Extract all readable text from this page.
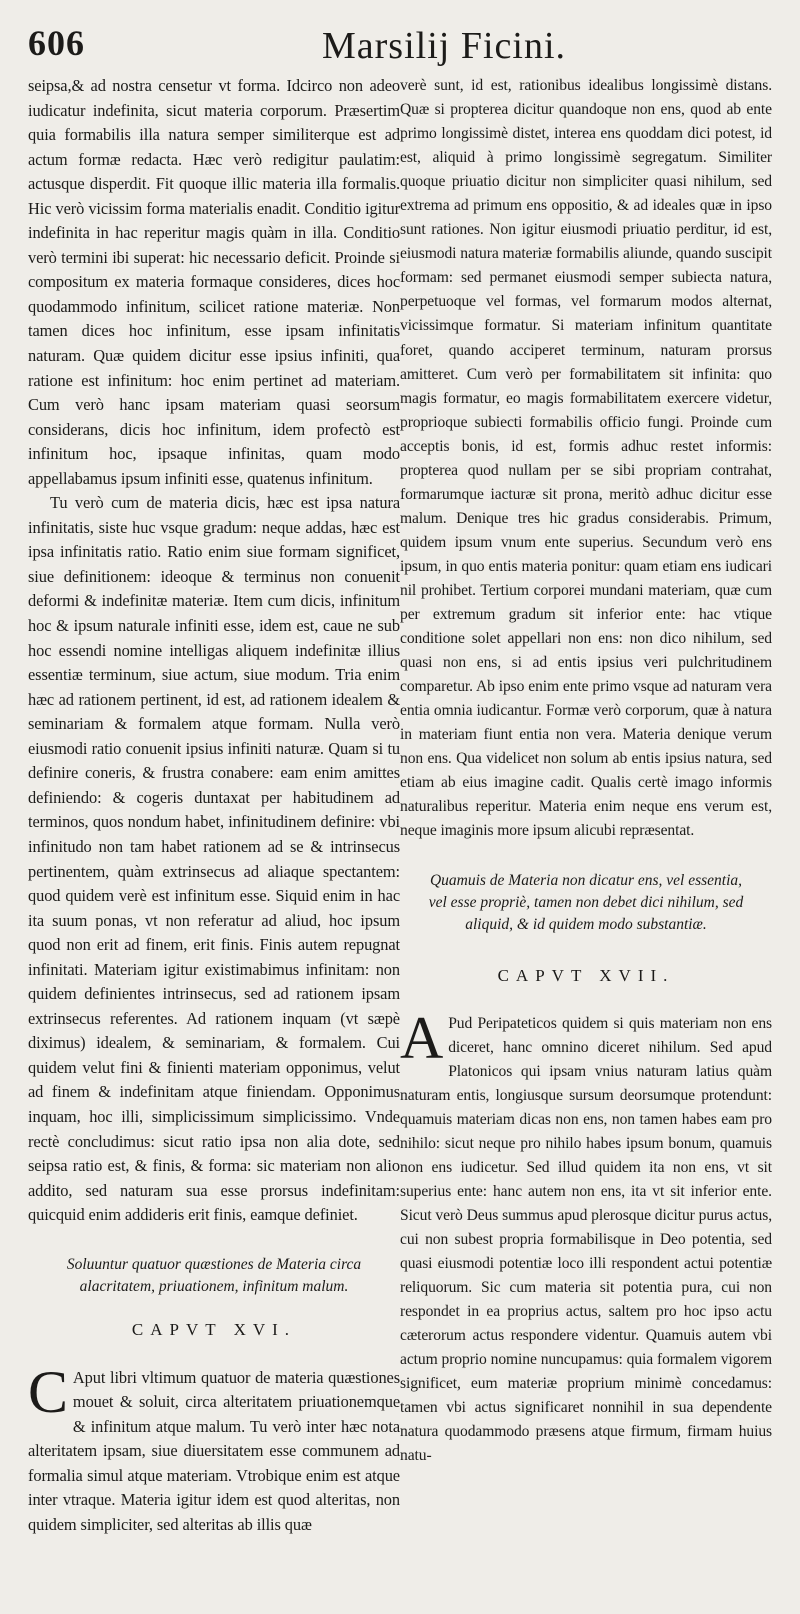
606	Marsilij Ficini.

seipsa,& ad nostra censetur vt forma. Idcirco non adeo iudicatur indefinita, sicut materia corporum. Præsertim quia formabilis illa natura semper similiterque est ad actum formæ redacta. Hæc verò redigitur paulatim: actusque disperdit. Fit quoque illic materia illa formalis. Hic verò vicissim forma materialis enadit. Conditio igitur indefinita in hac reperitur magis quàm in illa. Conditio verò termini ibi superat: hic necessario deficit. Proinde si compositum ex materia formaque consideres, dices hoc quodammodo infinitum, scilicet ratione materiæ. Non tamen dices hoc infinitum, esse ipsam infinitatis naturam. Quæ quidem dicitur esse ipsius infiniti, qua ratione est infinitum: hoc enim pertinet ad materiam. Cum verò hanc ipsam materiam quasi seorsum considerans, dicis hoc infinitum, idem profectò est infinitum hoc, ipsaque infinitas, quam modo appellabamus ipsum infiniti esse, quatenus infinitum.

Tu verò cum de materia dicis, hæc est ipsa natura infinitatis, siste huc vsque gradum: neque addas, hæc est ipsa infinitatis ratio. Ratio enim siue formam significet, siue definitionem: ideoque & terminus non conuenit deformi & indefinitæ materiæ. Item cum dicis, infinitum hoc & ipsum naturale infiniti esse, idem est, caue ne sub hoc essendi nomine intelligas aliquem indefinitæ illius essentiæ terminum, siue actum, siue modum. Tria enim hæc ad rationem pertinent, id est, ad rationem idealem & seminariam & formalem atque formam. Nulla verò eiusmodi ratio conuenit ipsius infiniti naturæ. Quam si tu definire coneris, & frustra conabere: eam enim amittes definiendo: & cogeris duntaxat per habitudinem ad terminos, quos nondum habet, infinitudinem definire: vbi infinitudo non tam habet rationem ad se & intrinsecus pertinentem, quàm extrinsecus ad aliaque spectantem: quod quidem verè est infinitum esse. Siquid enim in hac ita suum ponas, vt non referatur ad aliud, hoc ipsum quod non erit ad finem, erit finis. Finis autem repugnat infinitati. Materiam igitur existimabimus infinitam: non quidem definientes intrinsecus, sed ad rationem ipsam extrinsecus referentes. Ad rationem inquam (vt sæpè diximus) idealem, & seminariam, & formalem. Cui quidem velut fini & finienti materiam opponimus, velut ad finem & indefinitam atque finiendam. Opponimus inquam, hoc illi, simplicissimum simplicissimo. Vnde rectè concludimus: sicut ratio ipsa non alia dote, sed seipsa ratio est, & finis, & forma: sic materiam non alio addito, sed naturam sua esse prorsus indefinitam: quicquid enim addideris erit finis, eamque definiet.

Soluuntur quatuor quæstiones de Materia circa alacritatem, priuationem, infinitum malum.

CAPVT XVI.

C Aput libri vltimum quatuor de materia quæstiones mouet & soluit, circa alteritatem priuationemque & infinitum atque malum. Tu verò inter hæc nota alteritatem ipsam, siue diuersitatem esse communem ad formalia simul atque materiam. Vtrobique enim est atque inter vtraque. Materia igitur idem est quod alteritas, non quidem simpliciter, sed alteritas ab illis quæ

verè sunt, id est, rationibus idealibus longissimè distans. Quæ si propterea dicitur quandoque non ens, quod ab ente primo longissimè distet, interea ens quoddam dici potest, id est, aliquid à primo longissimè segregatum. Similiter quoque priuatio dicitur non simpliciter quasi nihilum, sed extrema ad primum ens oppositio, & ad ideales quæ in ipso sunt rationes. Non igitur eiusmodi priuatio perditur, id est, eiusmodi natura materiæ formabilis aliunde, quando suscipit formam: sed permanet eiusmodi semper subiecta natura, perpetuoque vel formas, vel formarum modos alternat, vicissimque formatur. Si materiam infinitum quantitate foret, quando acciperet terminum, naturam prorsus amitteret. Cum verò per formabilitatem sit infinita: quo magis formatur, eo magis formabilitatem exercere videtur, proprioque subiecti formabilis officio fungi. Proinde cum acceptis bonis, id est, formis adhuc restet informis: propterea quod nullam per se sibi propriam contrahat, formarumque iacturæ sit prona, meritò adhuc dicitur esse malum. Denique tres hic gradus considerabis. Primum, quidem ipsum vnum ente superius. Secundum verò ens ipsum, in quo entis materia ponitur: quam etiam ens iudicari nil prohibet. Tertium corporei mundani materiam, quæ cum per extremum gradum sit inferior ente: hac vtique conditione solet appellari non ens: non dico nihilum, sed quasi non ens, si ad entis ipsius veri pulchritudinem comparetur. Ab ipso enim ente primo vsque ad naturam vera entia omnia iudicantur. Formæ verò corporum, quæ à natura in materiam fiunt entia non vera. Materia denique verum non ens. Qua videlicet non solum ab entis ipsius natura, sed etiam ab eius imagine cadit. Qualis certè imago informis naturalibus reperitur. Materia enim neque ens verum est, neque imaginis more ipsum alicubi repræsentat.

Quamuis de Materia non dicatur ens, vel essentia, vel esse propriè, tamen non debet dici nihilum, sed aliquid, & id quidem modo substantiæ.

CAPVT XVII.

A Pud Peripateticos quidem si quis materiam non ens diceret, hanc omnino diceret nihilum. Sed apud Platonicos qui ipsam vnius naturam latius quàm naturam entis, longiusque sursum deorsumque protendunt: quamuis materiam dicas non ens, non tamen habes eam pro nihilo: sicut neque pro nihilo habes ipsum bonum, quamuis non ens iudicetur. Sed illud quidem ita non ens, vt sit superius ente: hanc autem non ens, ita vt sit inferior ente. Sicut verò Deus summus apud plerosque dicitur purus actus, cui non subest propria formabilisque in Deo potentia, sed quasi eiusmodi potentiæ loco illi respondent actui potentiæ reliquorum. Sic cum materia sit potentia pura, cui non respondet in ea proprius actus, saltem pro hoc ipso actu cæterorum actus respondere videntur. Quamuis autem vbi actum proprio nomine nuncupamus: quia formalem vigorem significet, eum materiæ proprium minimè concedamus: tamen vbi actus significaret nonnihil in sua dependente natura quodammodo præsens atque firmum, firmam huius natu-
